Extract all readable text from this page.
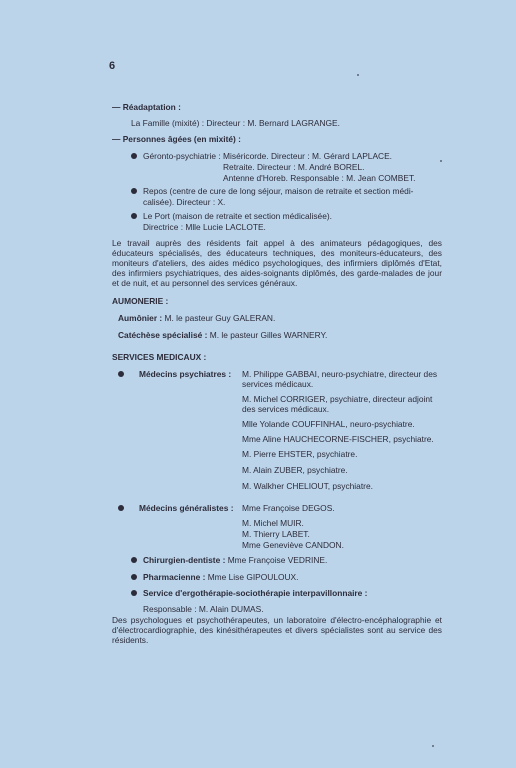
6
— Réadaptation :
La Famille (mixité) : Directeur : M. Bernard LAGRANGE.
— Personnes âgées (en mixité) :
Géronto-psychiatrie : Miséricorde. Directeur : M. Gérard LAPLACE.
Retraite. Directeur : M. André BOREL.
Antenne d'Horeb. Responsable : M. Jean COMBET.
Repos (centre de cure de long séjour, maison de retraite et section médi-
calisée). Directeur : X.
Le Port (maison de retraite et section médicalisée).
Directrice : Mlle Lucie LACLOTE.
Le travail auprès des résidents fait appel à des animateurs pédagogiques, des éducateurs spécialisés, des éducateurs techniques, des moniteurs-éducateurs, des moniteurs d'ateliers, des aides médico psychologiques, des infirmiers diplômés d'Etat, des infirmiers psychiatriques, des aides-soignants diplômés, des garde-malades de jour et de nuit, et au personnel des services généraux.
AUMONERIE :
Aumônier : M. le pasteur Guy GALERAN.
Catéchèse spécialisé : M. le pasteur Gilles WARNERY.
SERVICES MEDICAUX :
Médecins psychiatres : M. Philippe GABBAI, neuro-psychiatre, directeur des
services médicaux.
M. Michel CORRIGER, psychiatre, directeur adjoint
des services médicaux.
Mlle Yolande COUFFINHAL, neuro-psychiatre.
Mme Aline HAUCHECORNE-FISCHER, psychiatre.
M. Pierre EHSTER, psychiatre.
M. Alain ZUBER, psychiatre.
M. Walkher CHELIOUT, psychiatre.
Médecins généralistes : Mme Françoise DEGOS.
M. Michel MUIR.
M. Thierry LABET.
Mme Geneviève CANDON.
Chirurgien-dentiste : Mme Françoise VEDRINE.
Pharmacienne : Mme Lise GIPOULOUX.
Service d'ergothérapie-sociothérapie interpavillonnaire :
Responsable : M. Alain DUMAS.
Des psychologues et psychothérapeutes, un laboratoire d'électro-encéphalographie et d'électrocardiographie, des kinésithérapeutes et divers spécialistes sont au service des résidents.
